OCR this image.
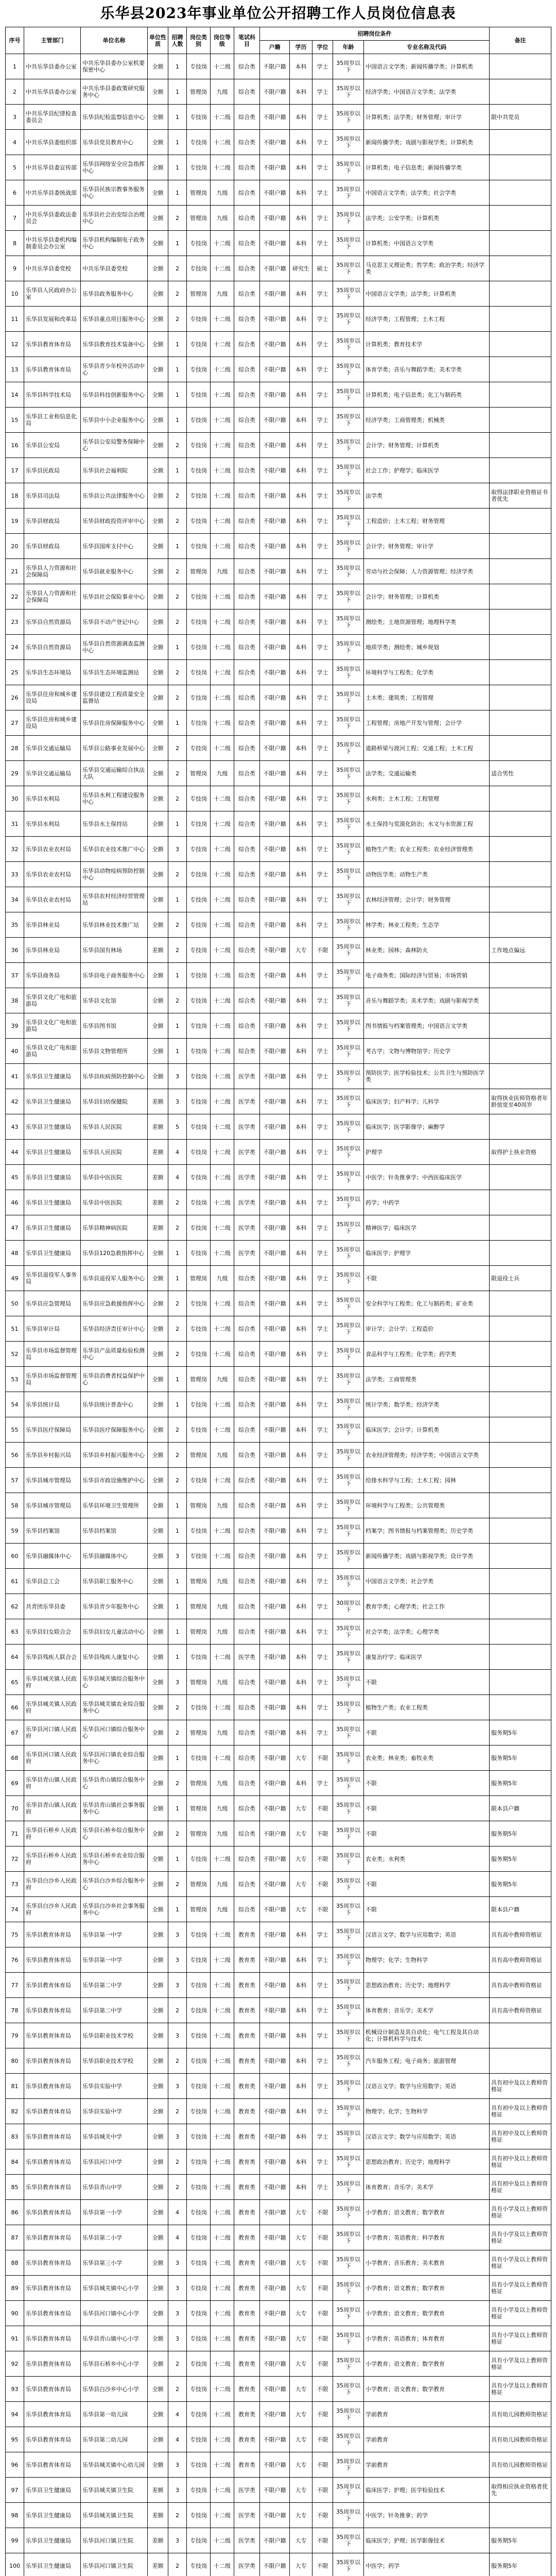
乐华县2023年事业单位公开招聘工作人员岗位信息表
序号	主管部门	单位名称	单位性质	招聘人数	岗位类别	岗位等级	笔试科目	招聘岗位条件					备注
								户籍	学历	学位	年龄	专业名称及代码	
1	中共乐华县委办公室	中共乐华县委办公室机要保密中心	全额	1	专技岗	十二级	综合类	不限户籍	本科	学士	35周岁以下	中国语言文学类；新闻传播学类；计算机类	
2	中共乐华县委办公室	中共乐华县委政策研究服务中心	全额	1	管理岗	九级	综合类	不限户籍	本科	学士	35周岁以下	经济学类；中国语言文学类；法学类	
3	中共乐华县纪律检查委员会	乐华县纪检监察信息中心	全额	1	专技岗	十二级	综合类	不限户籍	本科	学士	35周岁以下	计算机类；法学类；财务管理；审计学	限中共党员
4	中共乐华县委组织部	乐华县党员教育中心	全额	1	专技岗	十二级	综合类	不限户籍	本科	学士	35周岁以下	新闻传播学类；戏剧与影视学类；计算机类	
5	中共乐华县委宣传部	乐华县网络安全应急指挥中心	全额	1	专技岗	十二级	综合类	不限户籍	本科	学士	35周岁以下	计算机类；电子信息类；新闻传播学类	
6	中共乐华县委统战部	乐华县民族宗教事务服务中心	全额	1	管理岗	九级	综合类	不限户籍	本科	学士	35周岁以下	中国语言文学类；法学类；社会学类	
7	中共乐华县委政法委员会	乐华县社会治安综合治理中心	全额	2	管理岗	九级	综合类	不限户籍	本科	学士	35周岁以下	法学类；公安学类；计算机类	
8	中共乐华县委机构编制委员会办公室	乐华县机构编制电子政务中心	全额	1	专技岗	十二级	综合类	不限户籍	本科	学士	35周岁以下	计算机类；中国语言文学类	
9	中共乐华县委党校	中共乐华县委党校	全额	2	专技岗	十二级	综合类	不限户籍	研究生	硕士	35周岁以下	马克思主义理论类；哲学类；政治学类；经济学类	
10	乐华县人民政府办公室	乐华县政务服务中心	全额	2	管理岗	九级	综合类	不限户籍	本科	学士	35周岁以下	中国语言文学类；法学类；计算机类	
11	乐华县发展和改革局	乐华县重点项目服务中心	全额	2	专技岗	十二级	综合类	不限户籍	本科	学士	35周岁以下	经济学类；工程管理；土木工程	
12	乐华县教育体育局	乐华县教育技术装备中心	全额	1	专技岗	十二级	综合类	不限户籍	本科	学士	35周岁以下	计算机类；教育技术学	
13	乐华县教育体育局	乐华县青少年校外活动中心	全额	1	专技岗	十二级	综合类	不限户籍	本科	学士	35周岁以下	体育学类；音乐与舞蹈学类；美术学类	
14	乐华县科学技术局	乐华县科技创新服务中心	全额	1	专技岗	十二级	综合类	不限户籍	本科	学士	35周岁以下	计算机类；电子信息类；化工与制药类	
15	乐华县工业和信息化局	乐华县中小企业服务中心	全额	1	专技岗	十二级	综合类	不限户籍	本科	学士	35周岁以下	经济学类；工商管理类；机械类	
16	乐华县公安局	乐华县公安局警务保障中心	全额	2	专技岗	十二级	综合类	不限户籍	本科	学士	35周岁以下	会计学；财务管理；计算机类	
17	乐华县民政局	乐华县社会福利院	全额	1	专技岗	十二级	综合类	不限户籍	本科	学士	35周岁以下	社会工作；护理学；临床医学	
18	乐华县司法局	乐华县公共法律服务中心	全额	2	专技岗	十二级	综合类	不限户籍	本科	学士	35周岁以下	法学类	取得法律职业资格证书者优先
19	乐华县财政局	乐华县财政投资评审中心	全额	2	专技岗	十二级	综合类	不限户籍	本科	学士	35周岁以下	工程造价；土木工程；财务管理	
20	乐华县财政局	乐华县国库支付中心	全额	1	专技岗	十二级	综合类	不限户籍	本科	学士	35周岁以下	会计学；财务管理；审计学	
21	乐华县人力资源和社会保障局	乐华县就业服务中心	全额	2	管理岗	九级	综合类	不限户籍	本科	学士	35周岁以下	劳动与社会保障；人力资源管理；经济学类	
22	乐华县人力资源和社会保障局	乐华县社会保险事业中心	全额	2	专技岗	十二级	综合类	不限户籍	本科	学士	35周岁以下	会计学；财务管理；计算机类	
23	乐华县自然资源局	乐华县不动产登记中心	全额	2	专技岗	十二级	综合类	不限户籍	本科	学士	35周岁以下	测绘类；土地资源管理；地理科学类	
24	乐华县自然资源局	乐华县自然资源调查监测中心	全额	1	专技岗	十二级	综合类	不限户籍	本科	学士	35周岁以下	地质学类；测绘类；城乡规划	
25	乐华县生态环境局	乐华县生态环境监测站	全额	2	专技岗	十二级	综合类	不限户籍	本科	学士	35周岁以下	环境科学与工程类；化学类	
26	乐华县住房和城乡建设局	乐华县建设工程质量安全监督站	全额	2	专技岗	十二级	综合类	不限户籍	本科	学士	35周岁以下	土木类；建筑类；工程管理	
27	乐华县住房和城乡建设局	乐华县住房保障服务中心	全额	1	专技岗	十二级	综合类	不限户籍	本科	学士	35周岁以下	工程管理；房地产开发与管理；会计学	
28	乐华县交通运输局	乐华县公路事业发展中心	全额	2	专技岗	十二级	综合类	不限户籍	本科	学士	35周岁以下	道路桥梁与渡河工程；交通工程；土木工程	
29	乐华县交通运输局	乐华县交通运输综合执法大队	全额	2	管理岗	九级	综合类	不限户籍	本科	学士	35周岁以下	法学类；交通运输类	适合男性
30	乐华县水利局	乐华县水利工程建设服务中心	全额	2	专技岗	十二级	综合类	不限户籍	本科	学士	35周岁以下	水利类；土木工程；工程管理	
31	乐华县水利局	乐华县水土保持站	全额	1	专技岗	十二级	综合类	不限户籍	本科	学士	35周岁以下	水土保持与荒漠化防治；水文与水资源工程	
32	乐华县农业农村局	乐华县农业技术推广中心	全额	3	专技岗	十二级	综合类	不限户籍	本科	学士	35周岁以下	植物生产类；农业工程类；农业经济管理类	
33	乐华县农业农村局	乐华县动物疫病预防控制中心	全额	2	专技岗	十二级	综合类	不限户籍	本科	学士	35周岁以下	动物医学类；动物生产类	
34	乐华县农业农村局	乐华县农村经济经营管理站	全额	1	专技岗	十二级	综合类	不限户籍	本科	学士	35周岁以下	农林经济管理；会计学；财务管理	
35	乐华县林业局	乐华县林业技术推广站	全额	2	专技岗	十二级	综合类	不限户籍	本科	学士	35周岁以下	林学类；林业工程类；生态学	
36	乐华县林业局	乐华县国有林场	差额	2	专技岗	十二级	综合类	不限户籍	大专	不限	35周岁以下	林业类；园林；森林防火	工作地点偏远
37	乐华县商务局	乐华县电子商务服务中心	全额	1	专技岗	十二级	综合类	不限户籍	本科	学士	35周岁以下	电子商务类；国际经济与贸易；市场营销	
38	乐华县文化广电和旅游局	乐华县文化馆	全额	2	专技岗	十二级	综合类	不限户籍	本科	学士	35周岁以下	音乐与舞蹈学类；美术学类；戏剧与影视学类	
39	乐华县文化广电和旅游局	乐华县图书馆	全额	1	专技岗	十二级	综合类	不限户籍	本科	学士	35周岁以下	图书情报与档案管理类；中国语言文学类	
40	乐华县文化广电和旅游局	乐华县文物管理所	全额	1	专技岗	十二级	综合类	不限户籍	本科	学士	35周岁以下	考古学；文物与博物馆学；历史学	
41	乐华县卫生健康局	乐华县疾病预防控制中心	全额	3	专技岗	十二级	医学类	不限户籍	本科	学士	35周岁以下	预防医学；医学检验技术；公共卫生与预防医学类	
42	乐华县卫生健康局	乐华县妇幼保健院	差额	3	专技岗	十二级	医学类	不限户籍	本科	学士	35周岁以下	临床医学；妇产科学；儿科学	取得执业医师资格者年龄放宽至40周岁
43	乐华县卫生健康局	乐华县人民医院	差额	5	专技岗	十二级	医学类	不限户籍	本科	学士	35周岁以下	临床医学；医学影像学；麻醉学	
44	乐华县卫生健康局	乐华县人民医院	差额	4	专技岗	十二级	医学类	不限户籍	本科	学士	35周岁以下	护理学	取得护士执业资格
45	乐华县卫生健康局	乐华县中医医院	差额	4	专技岗	十二级	医学类	不限户籍	本科	学士	35周岁以下	中医学；针灸推拿学；中西医临床医学	
46	乐华县卫生健康局	乐华县中医医院	差额	2	专技岗	十二级	医学类	不限户籍	本科	学士	35周岁以下	药学；中药学	
47	乐华县卫生健康局	乐华县精神病医院	差额	2	专技岗	十二级	医学类	不限户籍	本科	学士	35周岁以下	精神医学；临床医学	
48	乐华县卫生健康局	乐华县120急救指挥中心	全额	1	专技岗	十二级	医学类	不限户籍	本科	学士	35周岁以下	临床医学；护理学	
49	乐华县退役军人事务局	乐华县退役军人服务中心	全额	1	管理岗	九级	综合类	不限户籍	本科	学士	35周岁以下	不限	限退役士兵
50	乐华县应急管理局	乐华县应急救援指挥中心	全额	2	专技岗	十二级	综合类	不限户籍	本科	学士	35周岁以下	安全科学与工程类；化工与制药类；矿业类	
51	乐华县审计局	乐华县经济责任审计中心	全额	2	专技岗	十二级	综合类	不限户籍	本科	学士	35周岁以下	审计学；会计学；工程造价	
52	乐华县市场监督管理局	乐华县产品质量检验检测中心	全额	2	专技岗	十二级	综合类	不限户籍	本科	学士	35周岁以下	食品科学与工程类；化学类；药学类	
53	乐华县市场监督管理局	乐华县消费者权益保护中心	全额	1	管理岗	九级	综合类	不限户籍	本科	学士	35周岁以下	法学类；工商管理类	
54	乐华县统计局	乐华县统计普查中心	全额	1	专技岗	十二级	综合类	不限户籍	本科	学士	35周岁以下	统计学类；数学类；经济学类	
55	乐华县医疗保障局	乐华县医疗保障服务中心	全额	2	专技岗	十二级	综合类	不限户籍	本科	学士	35周岁以下	临床医学；会计学；计算机类	
56	乐华县乡村振兴局	乐华县乡村振兴服务中心	全额	2	管理岗	九级	综合类	不限户籍	本科	学士	35周岁以下	农业经济管理类；经济学类；中国语言文学类	
57	乐华县城市管理局	乐华县市政设施维护中心	全额	2	专技岗	十二级	综合类	不限户籍	本科	学士	35周岁以下	给排水科学与工程；土木工程；园林	
58	乐华县城市管理局	乐华县环境卫生管理所	全额	1	管理岗	九级	综合类	不限户籍	本科	学士	35周岁以下	环境科学与工程类；公共管理类	
59	乐华县档案馆	乐华县档案馆	全额	1	专技岗	十二级	综合类	不限户籍	本科	学士	35周岁以下	档案学；图书情报与档案管理类；历史学类	
60	乐华县融媒体中心	乐华县融媒体中心	全额	3	专技岗	十二级	综合类	不限户籍	本科	学士	35周岁以下	新闻传播学类；戏剧与影视学类；设计学类	
61	乐华县总工会	乐华县职工服务中心	全额	1	管理岗	九级	综合类	不限户籍	本科	学士	35周岁以下	中国语言文学类；社会学类	
62	共青团乐华县委	乐华县青少年服务中心	全额	1	管理岗	九级	综合类	不限户籍	本科	学士	30周岁以下	教育学类；心理学类；社会工作	
63	乐华县妇女联合会	乐华县妇女儿童活动中心	全额	1	管理岗	九级	综合类	不限户籍	本科	学士	35周岁以下	社会学类；法学类；心理学类	
64	乐华县残疾人联合会	乐华县残疾人康复中心	全额	1	专技岗	十二级	医学类	不限户籍	本科	学士	35周岁以下	康复治疗学；临床医学	
65	乐华县城关镇人民政府	乐华县城关镇综合服务中心	全额	3	管理岗	九级	综合类	不限户籍	本科	学士	35周岁以下	不限	
66	乐华县城关镇人民政府	乐华县城关镇农业综合服务中心	全额	2	专技岗	十二级	综合类	不限户籍	本科	学士	35周岁以下	植物生产类；农业工程类	
67	乐华县河口镇人民政府	乐华县河口镇综合服务中心	全额	2	管理岗	九级	综合类	不限户籍	本科	学士	35周岁以下	不限	服务期5年
68	乐华县河口镇人民政府	乐华县河口镇农业综合服务中心	全额	1	专技岗	十二级	综合类	不限户籍	大专	不限	35周岁以下	农业类；林业类；畜牧业类	服务期5年
69	乐华县青山镇人民政府	乐华县青山镇综合服务中心	全额	2	管理岗	九级	综合类	不限户籍	本科	学士	35周岁以下	不限	服务期5年
70	乐华县青山镇人民政府	乐华县青山镇社会事务服务中心	全额	1	管理岗	九级	综合类	不限户籍	大专	不限	35周岁以下	不限	限本县户籍
71	乐华县石桥乡人民政府	乐华县石桥乡综合服务中心	全额	2	管理岗	九级	综合类	不限户籍	大专	不限	35周岁以下	不限	服务期5年
72	乐华县石桥乡人民政府	乐华县石桥乡农业综合服务中心	全额	1	专技岗	十二级	综合类	不限户籍	大专	不限	35周岁以下	农业类；水利类	服务期5年
73	乐华县白沙乡人民政府	乐华县白沙乡综合服务中心	全额	2	管理岗	九级	综合类	不限户籍	大专	不限	35周岁以下	不限	服务期5年
74	乐华县白沙乡人民政府	乐华县白沙乡社会事务服务中心	全额	1	管理岗	九级	综合类	不限户籍	大专	不限	35周岁以下	不限	限本县户籍
75	乐华县教育体育局	乐华县第一中学	全额	3	专技岗	十二级	教育类	不限户籍	本科	学士	35周岁以下	汉语言文学；数学与应用数学；英语	具有高中教师资格证
76	乐华县教育体育局	乐华县第一中学	全额	3	专技岗	十二级	教育类	不限户籍	本科	学士	35周岁以下	物理学；化学；生物科学	具有高中教师资格证
77	乐华县教育体育局	乐华县第二中学	全额	3	专技岗	十二级	教育类	不限户籍	本科	学士	35周岁以下	思想政治教育；历史学；地理科学	具有高中教师资格证
78	乐华县教育体育局	乐华县第二中学	全额	2	专技岗	十二级	教育类	不限户籍	本科	学士	35周岁以下	体育教育；音乐学；美术学	具有高中教师资格证
79	乐华县教育体育局	乐华县职业技术学校	全额	3	专技岗	十二级	教育类	不限户籍	本科	学士	35周岁以下	机械设计制造及其自动化；电气工程及其自动化；计算机科学与技术	
80	乐华县教育体育局	乐华县职业技术学校	全额	2	专技岗	十二级	教育类	不限户籍	本科	学士	35周岁以下	汽车服务工程；电子商务；旅游管理	
81	乐华县教育体育局	乐华县实验中学	全额	3	专技岗	十二级	教育类	不限户籍	本科	学士	35周岁以下	汉语言文学；数学与应用数学；英语	具有初中及以上教师资格证
82	乐华县教育体育局	乐华县实验中学	全额	2	专技岗	十二级	教育类	不限户籍	本科	学士	35周岁以下	物理学；化学；生物科学	具有初中及以上教师资格证
83	乐华县教育体育局	乐华县城关中学	全额	3	专技岗	十二级	教育类	不限户籍	本科	学士	35周岁以下	汉语言文学；数学与应用数学；英语	具有初中及以上教师资格证
84	乐华县教育体育局	乐华县河口中学	全额	2	专技岗	十二级	教育类	不限户籍	本科	学士	35周岁以下	思想政治教育；历史学；地理科学	具有初中及以上教师资格证
85	乐华县教育体育局	乐华县青山中学	全额	2	专技岗	十二级	教育类	不限户籍	本科	学士	35周岁以下	体育教育；音乐学；美术学	具有初中及以上教师资格证
86	乐华县教育体育局	乐华县第一小学	全额	4	专技岗	十二级	教育类	不限户籍	大专	不限	35周岁以下	小学教育；语文教育；数学教育	具有小学及以上教师资格证
87	乐华县教育体育局	乐华县第二小学	全额	4	专技岗	十二级	教育类	不限户籍	大专	不限	35周岁以下	小学教育；英语教育；科学教育	具有小学及以上教师资格证
88	乐华县教育体育局	乐华县第三小学	全额	3	专技岗	十二级	教育类	不限户籍	大专	不限	35周岁以下	小学教育；音乐教育；美术教育	具有小学及以上教师资格证
89	乐华县教育体育局	乐华县城关镇中心小学	全额	3	专技岗	十二级	教育类	不限户籍	大专	不限	35周岁以下	小学教育；语文教育；数学教育	具有小学及以上教师资格证
90	乐华县教育体育局	乐华县河口镇中心小学	全额	3	专技岗	十二级	教育类	不限户籍	大专	不限	35周岁以下	小学教育；语文教育；数学教育	具有小学及以上教师资格证
91	乐华县教育体育局	乐华县青山镇中心小学	全额	3	专技岗	十二级	教育类	不限户籍	大专	不限	35周岁以下	小学教育；英语教育；体育教育	具有小学及以上教师资格证
92	乐华县教育体育局	乐华县石桥乡中心小学	全额	2	专技岗	十二级	教育类	不限户籍	大专	不限	35周岁以下	小学教育；语文教育；数学教育	具有小学及以上教师资格证
93	乐华县教育体育局	乐华县白沙乡中心小学	全额	2	专技岗	十二级	教育类	不限户籍	大专	不限	35周岁以下	小学教育；语文教育；数学教育	具有小学及以上教师资格证
94	乐华县教育体育局	乐华县第一幼儿园	全额	4	专技岗	十二级	教育类	不限户籍	大专	不限	35周岁以下	学前教育	具有幼儿园教师资格证
95	乐华县教育体育局	乐华县第二幼儿园	全额	4	专技岗	十二级	教育类	不限户籍	大专	不限	35周岁以下	学前教育	具有幼儿园教师资格证
96	乐华县教育体育局	乐华县城关镇中心幼儿园	全额	3	专技岗	十二级	教育类	不限户籍	大专	不限	35周岁以下	学前教育	具有幼儿园教师资格证
97	乐华县卫生健康局	乐华县城关镇卫生院	差额	3	专技岗	十二级	医学类	不限户籍	大专	不限	35周岁以下	临床医学；护理；医学检验技术	取得相应执业资格者优先
98	乐华县卫生健康局	乐华县城关镇卫生院	差额	2	专技岗	十二级	医学类	不限户籍	大专	不限	35周岁以下	中医学；针灸推拿；药学	
99	乐华县卫生健康局	乐华县河口镇卫生院	差额	3	专技岗	十二级	医学类	不限户籍	大专	不限	35周岁以下	临床医学；护理；医学影像技术	服务期5年
100	乐华县卫生健康局	乐华县河口镇卫生院	差额	2	专技岗	十二级	医学类	不限户籍	大专	不限	35周岁以下	中医学；药学	服务期5年
